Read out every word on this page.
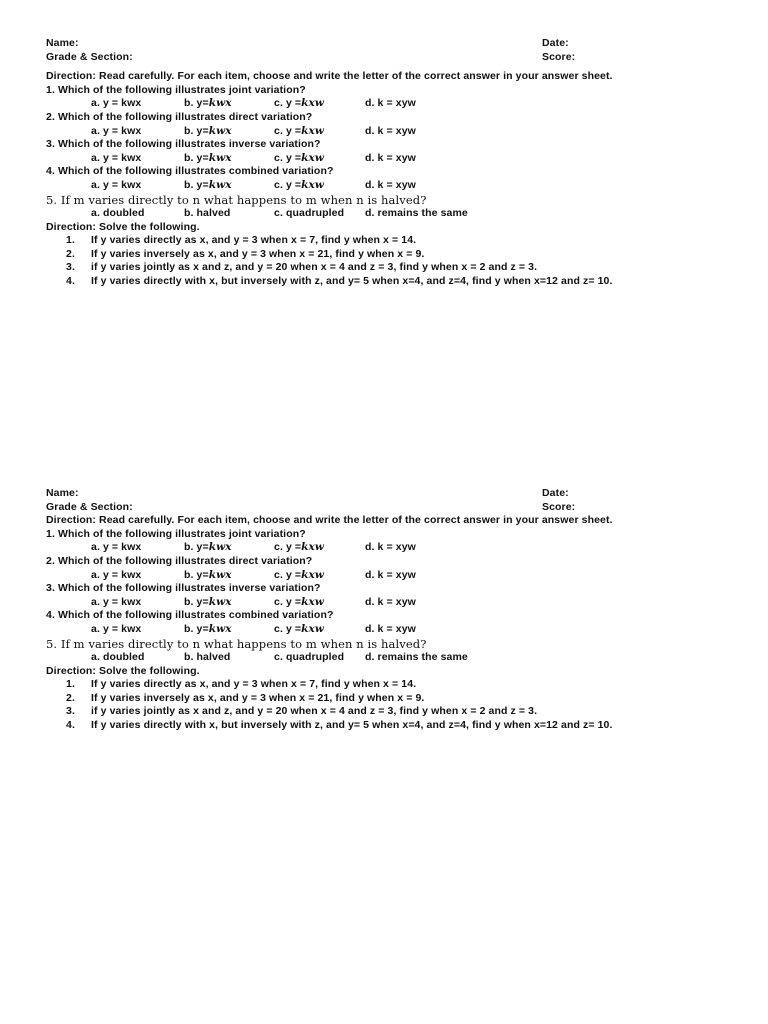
Name:	Date:
Grade & Section:	Score:
Direction: Read carefully. For each item, choose and write the letter of the correct answer in your answer sheet.
1. Which of the following illustrates joint variation?
a. y = kwx	b. y=kwx	c. y =kxw	d. k = xyw
2. Which of the following illustrates direct variation?
a. y = kwx	b. y=kwx	c. y =kxw	d. k = xyw
3. Which of the following illustrates inverse variation?
a. y = kwx	b. y=kwx	c. y =kxw	d. k = xyw
4. Which of the following illustrates combined variation?
a. y = kwx	b. y=kwx	c. y =kxw	d. k = xyw
5. If m varies directly to n what happens to m when n is halved?
a. doubled	b. halved	c. quadrupled d. remains the same
Direction: Solve the following.
1. If y varies directly as x, and y = 3 when x = 7, find y when x = 14.
2. If y varies inversely as x, and y = 3 when x = 21, find y when x = 9.
3. if y varies jointly as x and z, and y = 20 when x = 4 and z = 3, find y when x = 2 and z = 3.
4. If y varies directly with x, but inversely with z, and y= 5 when x=4, and z=4, find y when x=12 and z= 10.
Name:	Date:
Grade & Section:	Score:
Direction: Read carefully. For each item, choose and write the letter of the correct answer in your answer sheet.
1. Which of the following illustrates joint variation?
a. y = kwx	b. y=kwx	c. y =kxw	d. k = xyw
2. Which of the following illustrates direct variation?
a. y = kwx	b. y=kwx	c. y =kxw	d. k = xyw
3. Which of the following illustrates inverse variation?
a. y = kwx	b. y=kwx	c. y =kxw	d. k = xyw
4. Which of the following illustrates combined variation?
a. y = kwx	b. y=kwx	c. y =kxw	d. k = xyw
5. If m varies directly to n what happens to m when n is halved?
a. doubled	b. halved	c. quadrupled d. remains the same
Direction: Solve the following.
1. If y varies directly as x, and y = 3 when x = 7, find y when x = 14.
2. If y varies inversely as x, and y = 3 when x = 21, find y when x = 9.
3. if y varies jointly as x and z, and y = 20 when x = 4 and z = 3, find y when x = 2 and z = 3.
4. If y varies directly with x, but inversely with z, and y= 5 when x=4, and z=4, find y when x=12 and z= 10.
